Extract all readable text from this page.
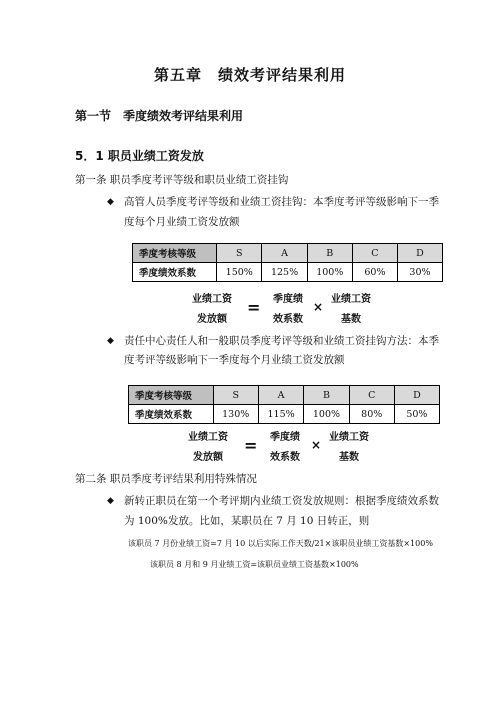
第五章　绩效考评结果利用
第一节　季度绩效考评结果利用
5．1 职员业绩工资发放
第一条 职员季度考评等级和职员业绩工资挂钩
◆ 高管人员季度考评等级和业绩工资挂钩：本季度考评等级影响下一季
度每个月业绩工资发放额
季度考核等级	S	A	B	C	D
季度绩效系数	150%	125%	100%	60%	30%
业绩工资
发放额
=	季度绩
效系数
×
业绩工资
基数
◆ 责任中心责任人和一般职员季度考评等级和业绩工资挂钩方法：本季
度考评等级影响下一季度每个月业绩工资发放额
季度考核等级	S	A	B	C	D
季度绩效系数	130%	115%	100%	80%	50%
业绩工资
发放额
=	季度绩
效系数
×
业绩工资
基数
第二条 职员季度考评结果利用特殊情况
◆ 新转正职员在第一个考评期内业绩工资发放规则：根据季度绩效系数
为 100%发放。比如，某职员在 7 月 10 日转正，则
该职员 7 月份业绩工资=7 月 10 以后实际工作天数/21×该职员业绩工资基数×100%
该职员 8 月和 9 月业绩工资=该职员业绩工资基数×100%
